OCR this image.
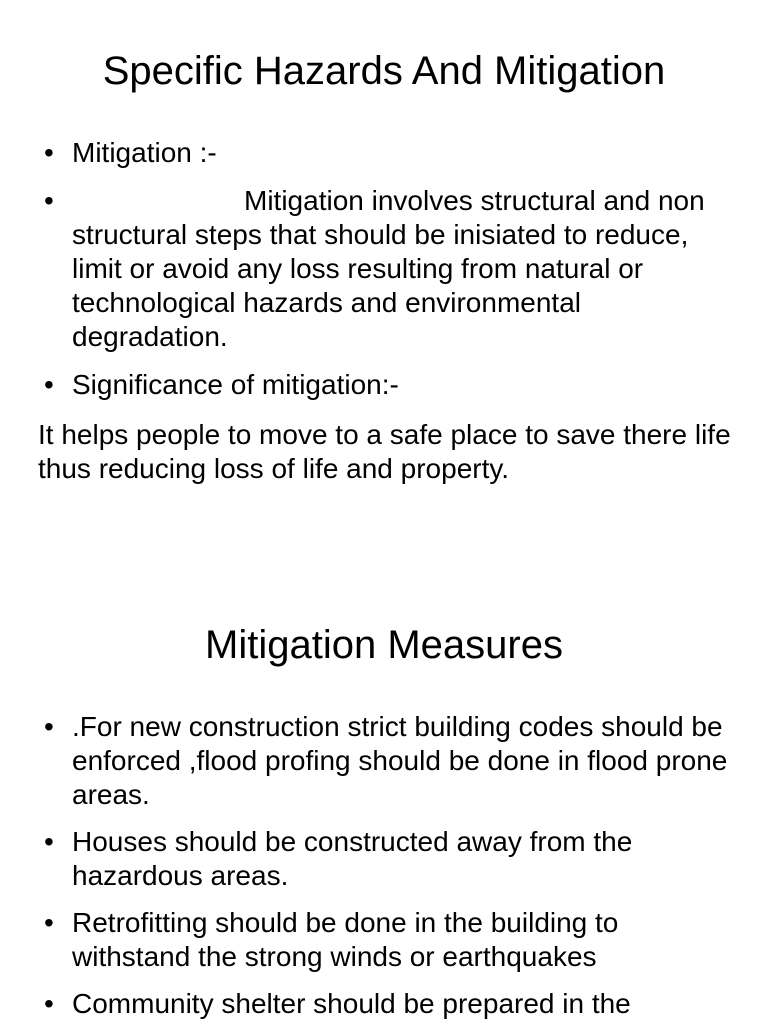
Specific Hazards And Mitigation
• Mitigation :-
•	Mitigation involves structural and non structural steps that should be inisiated to reduce, limit or avoid any loss resulting from natural or technological hazards and environmental degradation.
• Significance of mitigation:-

It helps people to move to a safe place to save there life thus reducing loss of life and property.

Mitigation Measures
• .For new construction strict building codes should be enforced ,flood profing should be done in flood prone areas.
• Houses should be constructed away from the hazardous areas.
• Retrofitting should be done in the building to withstand the strong winds or earthquakes
• Community shelter should be prepared in the
